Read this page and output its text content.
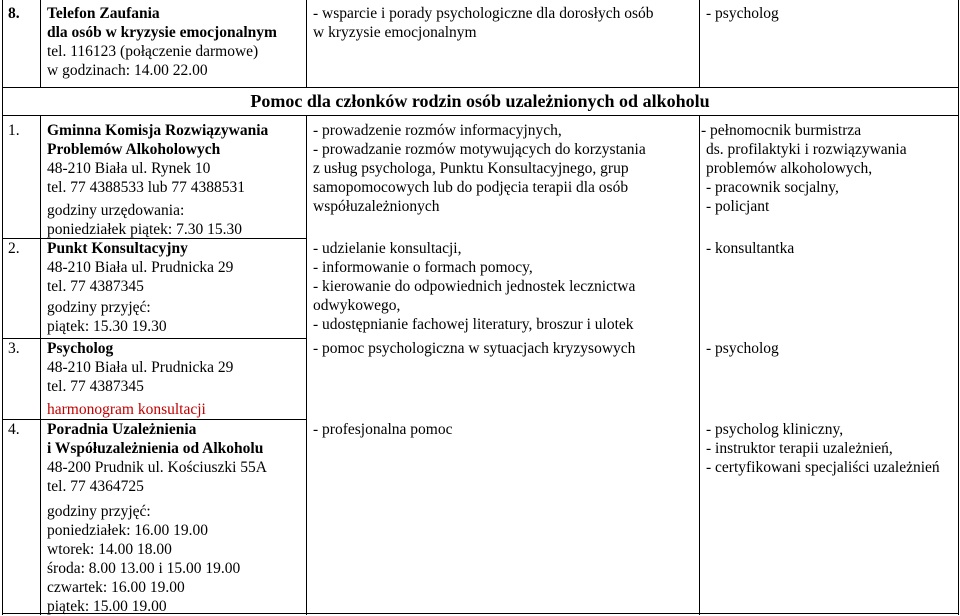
8. Telefon Zaufania
dla osób w kryzysie emocjonalnym
tel. 116123 (połączenie darmowe)
w godzinach: 14.00 22.00
- wsparcie i porady psychologiczne dla dorosłych osób
w kryzysie emocjonalnym
- psycholog
Pomoc dla członków rodzin osób uzależnionych od alkoholu
1. Gminna Komisja Rozwiązywania
Problemów Alkoholowych
48-210 Biała ul. Rynek 10
tel. 77 4388533 lub 77 4388531
godziny urzędowania:
poniedziałek piątek: 7.30 15.30
- prowadzenie rozmów informacyjnych,
- prowadzanie rozmów motywujących do korzystania
z usług psychologa, Punktu Konsultacyjnego, grup
samopomocowych lub do podjęcia terapii dla osób
współuzależnionych
- pełnomocnik burmistrza
ds. profilaktyki i rozwiązywania
problemów alkoholowych,
- pracownik socjalny,
- policjant
2. Punkt Konsultacyjny
48-210 Biała ul. Prudnicka 29
tel. 77 4387345
godziny przyjęć:
piątek: 15.30 19.30
- udzielanie konsultacji,
- informowanie o formach pomocy,
- kierowanie do odpowiednich jednostek lecznictwa
odwykowego,
- udostępnianie fachowej literatury, broszur i ulotek
- konsultantka
3. Psycholog
48-210 Biała ul. Prudnicka 29
tel. 77 4387345
harmonogram konsultacji
- pomoc psychologiczna w sytuacjach kryzysowych	- psycholog
4. Poradnia Uzależnienia
i Współuzależnienia od Alkoholu
48-200 Prudnik ul. Kościuszki 55A
tel. 77 4364725
godziny przyjęć:
poniedziałek: 16.00 19.00
wtorek: 14.00 18.00
środa: 8.00 13.00 i 15.00 19.00
czwartek: 16.00 19.00
piątek: 15.00 19.00
- profesjonalna pomoc	- psycholog kliniczny,
- instruktor terapii uzależnień,
- certyfikowani specjaliści uzależnień
